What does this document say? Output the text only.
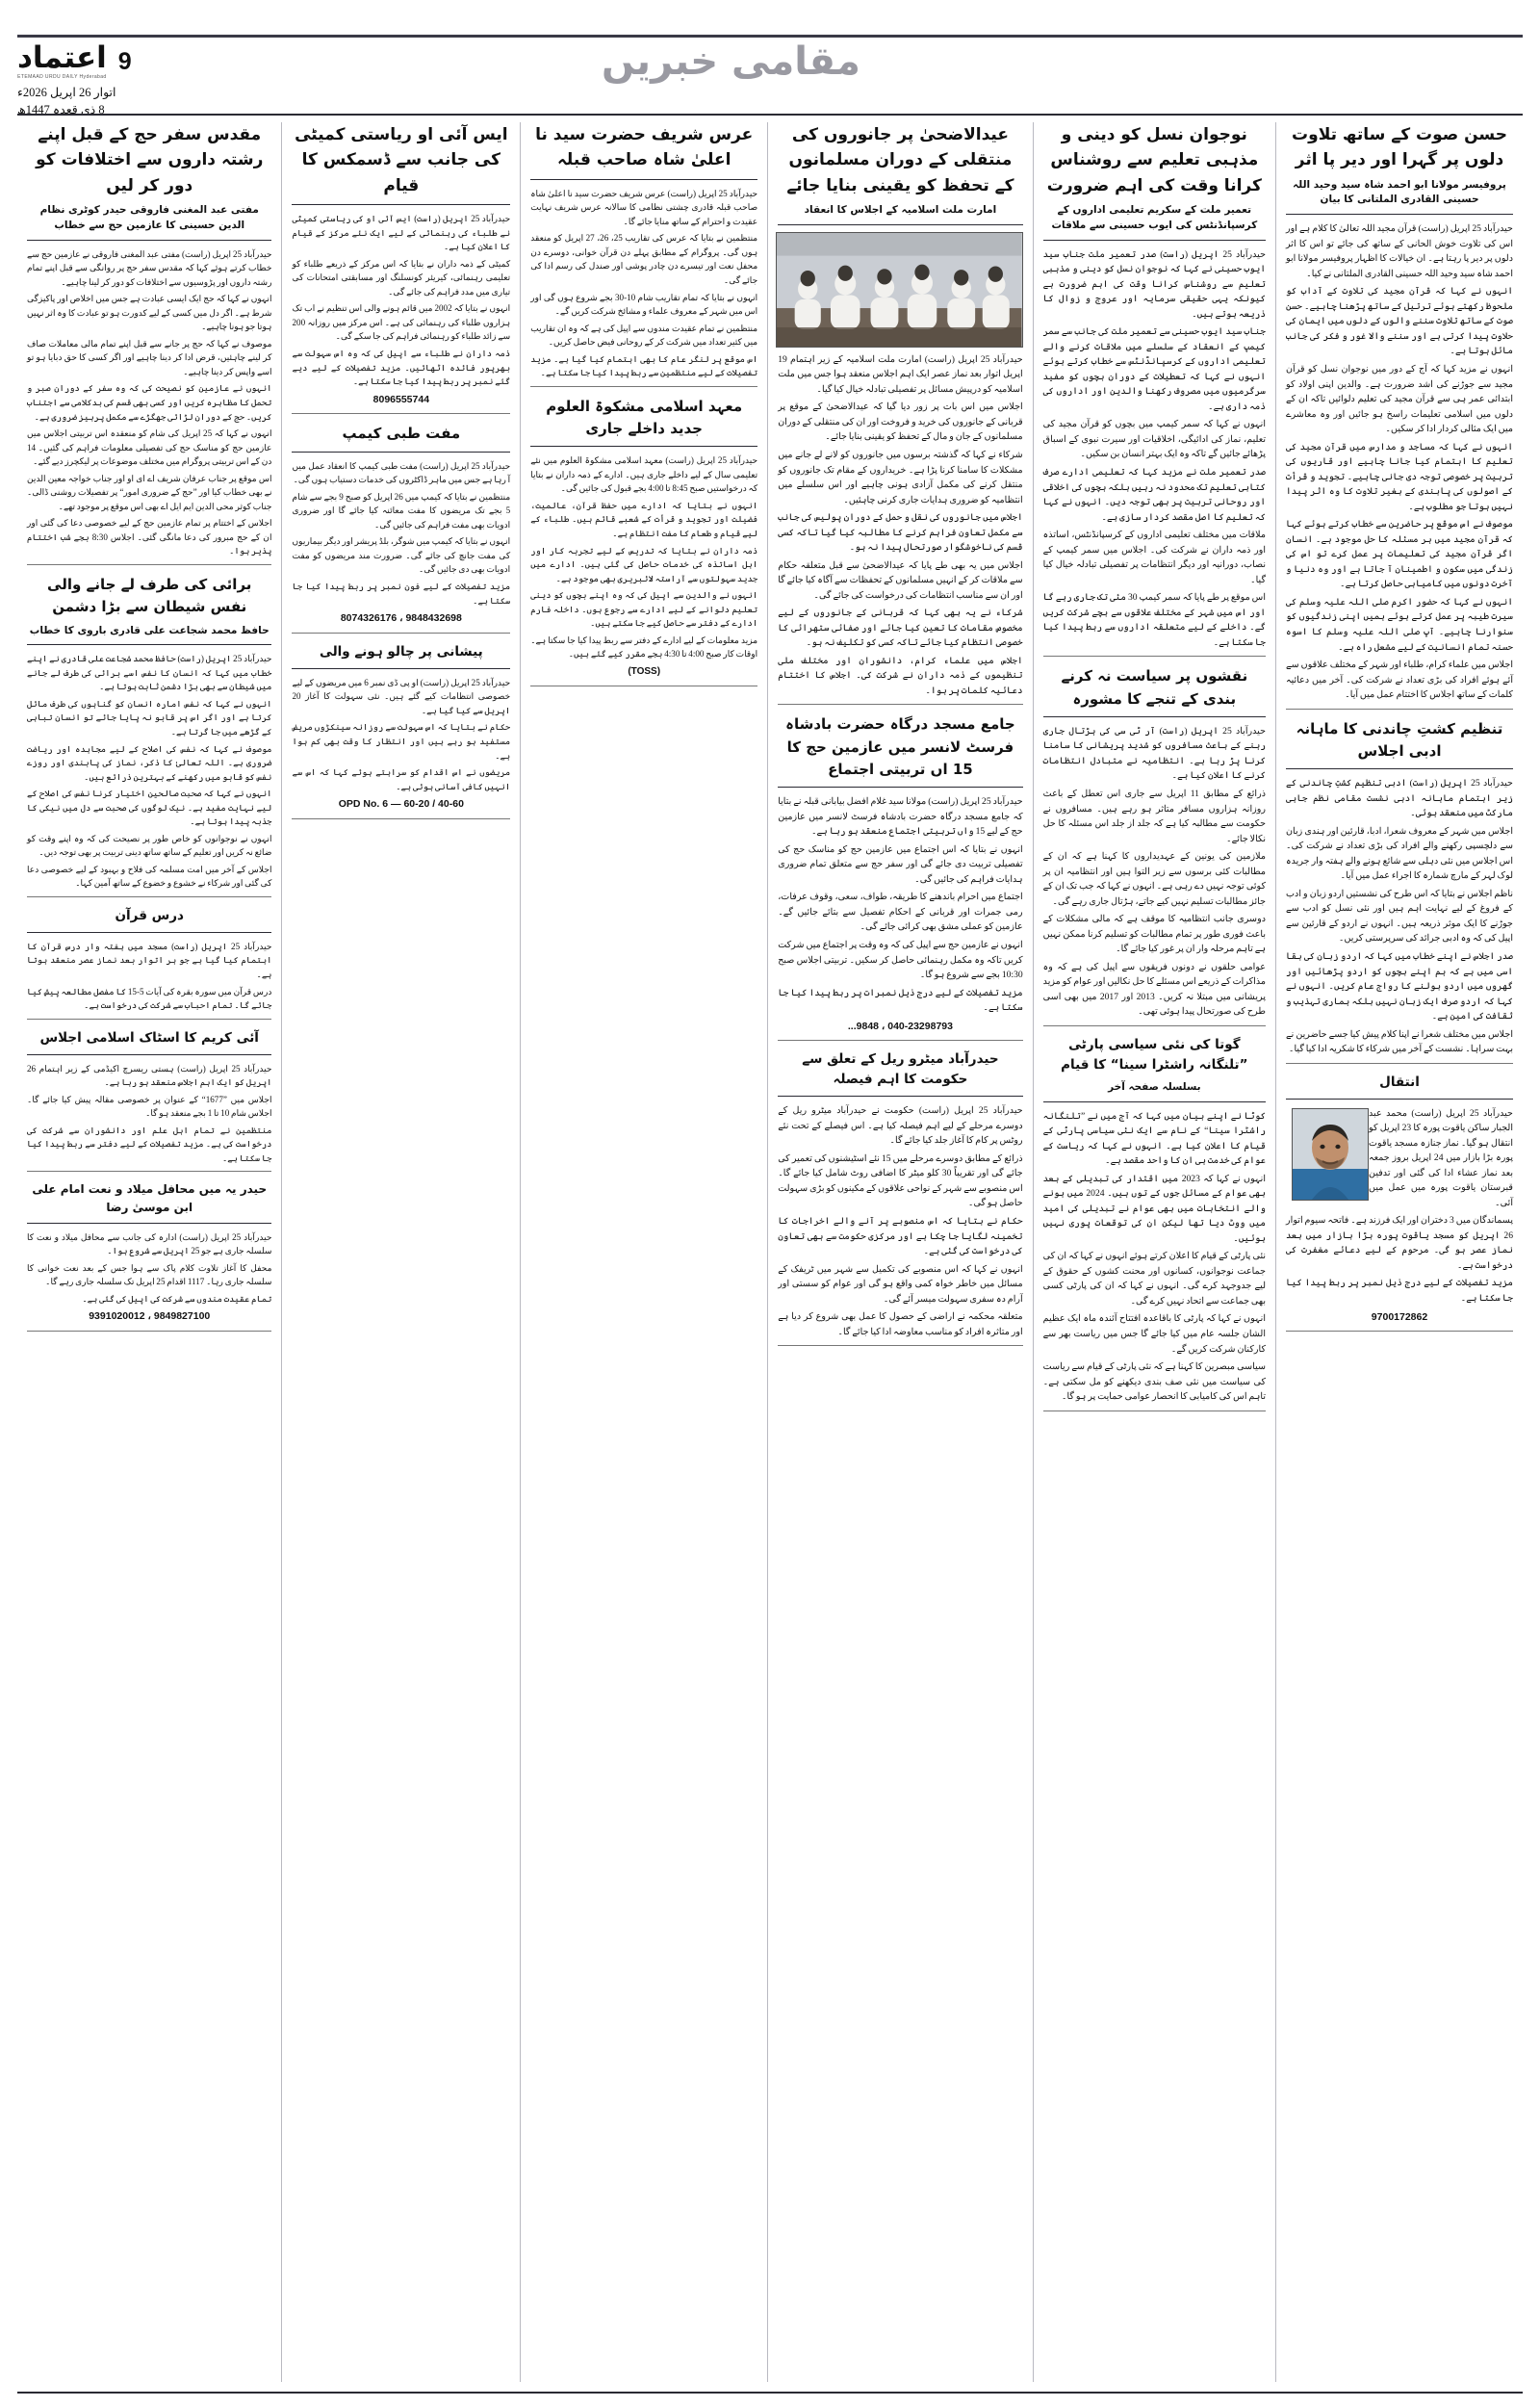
9
اعتماد
ETEMAAD URDU DAILY Hyderabad
اتوار 26 اپریل 2026ء
8 ذی قعدہ 1447ھ
مقامی خبریں
حسن صوت کے ساتھ تلاوت دلوں پر گہرا اور دیر پا اثر
پروفیسر مولانا ابو احمد شاہ سید وحید اللہ حسینی القادری الملتانی کا بیان

حیدرآباد 25 اپریل (راست) قرآن مجید اللہ تعالیٰ کا کلام ہے اور اس کی تلاوت خوش الحانی کے ساتھ کی جائے تو اس کا اثر دلوں پر دیر پا رہتا ہے۔ ان خیالات کا اظہار پروفیسر مولانا ابو احمد شاہ سید وحید اللہ حسینی القادری الملتانی نے کیا۔

انہوں نے کہا کہ قرآن مجید کی تلاوت کے آداب کو ملحوظ رکھتے ہوئے ترتیل کے ساتھ پڑھنا چاہیے۔ حسن صوت کے ساتھ تلاوت سننے والوں کے دلوں میں ایمان کی حلاوت پیدا کرتی ہے اور سننے والا غور و فکر کی جانب مائل ہوتا ہے۔

انہوں نے مزید کہا کہ آج کے دور میں نوجوان نسل کو قرآن مجید سے جوڑنے کی اشد ضرورت ہے۔ والدین اپنی اولاد کو ابتدائی عمر ہی سے قرآن مجید کی تعلیم دلوائیں تاکہ ان کے دلوں میں اسلامی تعلیمات راسخ ہو جائیں اور وہ معاشرے میں ایک مثالی کردار ادا کر سکیں۔

انہوں نے کہا کہ مساجد و مدارس میں قرآن مجید کی تعلیم کا اہتمام کیا جانا چاہیے اور قاریوں کی تربیت پر خصوصی توجہ دی جانی چاہیے۔ تجوید و قرأت کے اصولوں کی پابندی کے بغیر تلاوت کا وہ اثر پیدا نہیں ہوتا جو مطلوب ہے۔

موصوف نے اس موقع پر حاضرین سے خطاب کرتے ہوئے کہا کہ قرآن مجید میں ہر مسئلہ کا حل موجود ہے۔ انسان اگر قرآن مجید کی تعلیمات پر عمل کرے تو اس کی زندگی میں سکون و اطمینان آ جاتا ہے اور وہ دنیا و آخرت دونوں میں کامیابی حاصل کرتا ہے۔

انہوں نے کہا کہ حضور اکرم صلی اللہ علیہ وسلم کی سیرت طیبہ پر عمل کرتے ہوئے ہمیں اپنی زندگیوں کو سنوارنا چاہیے۔ آپ صلی اللہ علیہ وسلم کا اسوہ حسنہ تمام انسانیت کے لیے مشعل راہ ہے۔

اجلاس میں علماء کرام، طلباء اور شہر کے مختلف علاقوں سے آئے ہوئے افراد کی بڑی تعداد نے شرکت کی۔ آخر میں دعائیہ کلمات کے ساتھ اجلاس کا اختتام عمل میں آیا۔

تنظیم کشتِ چاندنی کا ماہانہ ادبی اجلاس

حیدرآباد 25 اپریل (راست) ادبی تنظیم کشتِ چاندنی کے زیر اہتمام ماہانہ ادبی نشست مقامی نظم جاہی مارکٹ میں منعقد ہوئی۔

اجلاس میں شہر کے معروف شعرا، ادبا، قارئین اور ہندی زبان سے دلچسپی رکھنے والے افراد کی بڑی تعداد نے شرکت کی۔ اس اجلاس میں نئی دہلی سے شائع ہونے والے ہفتہ وار جریدہ لوک لہر کے مارچ شمارہ کا اجراء عمل میں آیا۔

ناظم اجلاس نے بتایا کہ اس طرح کی نشستیں اردو زبان و ادب کے فروغ کے لیے نہایت اہم ہیں اور نئی نسل کو ادب سے جوڑنے کا ایک موثر ذریعہ ہیں۔ انہوں نے اردو کے قارئین سے اپیل کی کہ وہ ادبی جرائد کی سرپرستی کریں۔

صدر اجلاس نے اپنے خطاب میں کہا کہ اردو زبان کی بقا اسی میں ہے کہ ہم اپنے بچوں کو اردو پڑھائیں اور گھروں میں اردو بولنے کا رواج عام کریں۔ انہوں نے کہا کہ اردو صرف ایک زبان نہیں بلکہ ہماری تہذیب و ثقافت کی امین ہے۔

اجلاس میں مختلف شعرا نے اپنا کلام پیش کیا جسے حاضرین نے بہت سراہا۔ نشست کے آخر میں شرکاء کا شکریہ ادا کیا گیا۔

انتقال

حیدرآباد 25 اپریل (راست) محمد عبد الجبار ساکن یاقوت پورہ کا 23 اپریل کو انتقال ہو گیا۔ نماز جنازہ مسجد یاقوت پورہ بڑا بازار میں 24 اپریل بروز جمعہ بعد نماز عشاء ادا کی گئی اور تدفین قبرستان یاقوت پورہ میں عمل میں آئی۔

پسماندگان میں 3 دختران اور ایک فرزند ہے۔ فاتحہ سیوم اتوار 26 اپریل کو مسجد یاقوت پورہ بڑا بازار میں بعد نماز عصر ہو گی۔ مرحوم کے لیے دعائے مغفرت کی درخواست ہے۔

مزید تفصیلات کے لیے درج ذیل نمبر پر ربط پیدا کیا جا سکتا ہے۔

9700172862
نوجوان نسل کو دینی و مذہبی تعلیم سے روشناس کرانا وقت کی اہم ضرورت
تعمیر ملت کے سکریم تعلیمی اداروں کے کرسپانڈنٹس کی ایوب حسینی سے ملاقات

حیدرآباد 25 اپریل (راست) صدر تعمیر ملت جناب سید ایوب حسینی نے کہا کہ نوجوان نسل کو دینی و مذہبی تعلیم سے روشناس کرانا وقت کی اہم ضرورت ہے کیونکہ یہی حقیقی سرمایہ اور عروج و زوال کا ذریعہ ہوتے ہیں۔

جناب سید ایوب حسینی سے تعمیر ملت کی جانب سے سمر کیمپ کے انعقاد کے سلسلے میں ملاقات کرنے والے تعلیمی اداروں کے کرسپانڈنٹس سے خطاب کرتے ہوئے انہوں نے کہا کہ تعطیلات کے دوران بچوں کو مفید سرگرمیوں میں مصروف رکھنا والدین اور اداروں کی ذمہ داری ہے۔

انہوں نے کہا کہ سمر کیمپ میں بچوں کو قرآن مجید کی تعلیم، نماز کی ادائیگی، اخلاقیات اور سیرت نبوی کے اسباق پڑھائے جائیں گے تاکہ وہ ایک بہتر انسان بن سکیں۔

صدر تعمیر ملت نے مزید کہا کہ تعلیمی ادارے صرف کتابی تعلیم تک محدود نہ رہیں بلکہ بچوں کی اخلاقی اور روحانی تربیت پر بھی توجہ دیں۔ انہوں نے کہا کہ تعلیم کا اصل مقصد کردار سازی ہے۔

ملاقات میں مختلف تعلیمی اداروں کے کرسپانڈنٹس، اساتذہ اور ذمہ داران نے شرکت کی۔ اجلاس میں سمر کیمپ کے نصاب، دورانیہ اور دیگر انتظامات پر تفصیلی تبادلہ خیال کیا گیا۔

اس موقع پر طے پایا کہ سمر کیمپ 30 مئی تک جاری رہے گا اور اس میں شہر کے مختلف علاقوں سے بچے شرکت کریں گے۔ داخلے کے لیے متعلقہ اداروں سے ربط پیدا کیا جا سکتا ہے۔

نقشوں پر سیاست نہ کرنے بندی کے تنجے کا مشورہ

حیدرآباد 25 اپریل (راست) آر ٹی سی کی ہڑتال جاری رہنے کے باعث مسافروں کو شدید پریشانی کا سامنا کرنا پڑ رہا ہے۔ انتظامیہ نے متبادل انتظامات کرنے کا اعلان کیا ہے۔

ذرائع کے مطابق 11 اپریل سے جاری اس تعطل کے باعث روزانہ ہزاروں مسافر متاثر ہو رہے ہیں۔ مسافروں نے حکومت سے مطالبہ کیا ہے کہ جلد از جلد اس مسئلہ کا حل نکالا جائے۔

ملازمین کی یونین کے عہدیداروں کا کہنا ہے کہ ان کے مطالبات کئی برسوں سے زیر التوا ہیں اور انتظامیہ ان پر کوئی توجہ نہیں دے رہی ہے۔ انہوں نے کہا کہ جب تک ان کے جائز مطالبات تسلیم نہیں کیے جاتے، ہڑتال جاری رہے گی۔

دوسری جانب انتظامیہ کا موقف ہے کہ مالی مشکلات کے باعث فوری طور پر تمام مطالبات کو تسلیم کرنا ممکن نہیں ہے تاہم مرحلہ وار ان پر غور کیا جائے گا۔

عوامی حلقوں نے دونوں فریقوں سے اپیل کی ہے کہ وہ مذاکرات کے ذریعے اس مسئلے کا حل نکالیں اور عوام کو مزید پریشانی میں مبتلا نہ کریں۔ 2013 اور 2017 میں بھی اسی طرح کی صورتحال پیدا ہوئی تھی۔

گوتا کی نئی سیاسی پارٹی ”تلنگانہ راشٹرا سینا“ کا قیام
بسلسلہ صفحہ آخر

کوٹا نے اپنے بیان میں کہا کہ آج میں نے ”تلنگانہ راشٹرا سینا“ کے نام سے ایک نئی سیاسی پارٹی کے قیام کا اعلان کیا ہے۔ انہوں نے کہا کہ ریاست کے عوام کی خدمت ہی ان کا واحد مقصد ہے۔

انہوں نے کہا کہ 2023 میں اقتدار کی تبدیلی کے بعد بھی عوام کے مسائل جوں کے توں ہیں۔ 2024 میں ہونے والے انتخابات میں بھی عوام نے تبدیلی کی امید میں ووٹ دیا تھا لیکن ان کی توقعات پوری نہیں ہوئیں۔

نئی پارٹی کے قیام کا اعلان کرتے ہوئے انہوں نے کہا کہ ان کی جماعت نوجوانوں، کسانوں اور محنت کشوں کے حقوق کے لیے جدوجہد کرے گی۔ انہوں نے کہا کہ ان کی پارٹی کسی بھی جماعت سے اتحاد نہیں کرے گی۔

انہوں نے کہا کہ پارٹی کا باقاعدہ افتتاح آئندہ ماہ ایک عظیم الشان جلسہ عام میں کیا جائے گا جس میں ریاست بھر سے کارکنان شرکت کریں گے۔

سیاسی مبصرین کا کہنا ہے کہ نئی پارٹی کے قیام سے ریاست کی سیاست میں نئی صف بندی دیکھنے کو مل سکتی ہے۔ تاہم اس کی کامیابی کا انحصار عوامی حمایت پر ہو گا۔

عیدالاضحیٰ پر جانوروں کی منتقلی کے دوران مسلمانوں کے تحفظ کو یقینی بنایا جائے
امارت ملت اسلامیہ کے اجلاس کا انعقاد

حیدرآباد 25 اپریل (راست) امارت ملت اسلامیہ کے زیر اہتمام 19 اپریل اتوار بعد نماز عصر ایک اہم اجلاس منعقد ہوا جس میں ملت اسلامیہ کو درپیش مسائل پر تفصیلی تبادلہ خیال کیا گیا۔

اجلاس میں اس بات پر زور دیا گیا کہ عیدالاضحیٰ کے موقع پر قربانی کے جانوروں کی خرید و فروخت اور ان کی منتقلی کے دوران مسلمانوں کے جان و مال کے تحفظ کو یقینی بنایا جائے۔

شرکاء نے کہا کہ گذشتہ برسوں میں جانوروں کو لانے لے جانے میں مشکلات کا سامنا کرنا پڑا ہے۔ خریداروں کے مقام تک جانوروں کو منتقل کرنے کی مکمل آزادی ہونی چاہیے اور اس سلسلے میں انتظامیہ کو ضروری ہدایات جاری کرنی چاہئیں۔

اجلاس میں جانوروں کی نقل و حمل کے دوران پولیس کی جانب سے مکمل تعاون فراہم کرنے کا مطالبہ کیا گیا تاکہ کسی قسم کی ناخوشگوار صورتحال پیدا نہ ہو۔

اجلاس میں یہ بھی طے پایا کہ عیدالاضحیٰ سے قبل متعلقہ حکام سے ملاقات کر کے انہیں مسلمانوں کے تحفظات سے آگاہ کیا جائے گا اور ان سے مناسب انتظامات کی درخواست کی جائے گی۔

شرکاء نے یہ بھی کہا کہ قربانی کے جانوروں کے لیے مخصوص مقامات کا تعین کیا جائے اور صفائی ستھرائی کا خصوصی انتظام کیا جائے تاکہ کسی کو تکلیف نہ ہو۔

اجلاس میں علماء کرام، دانشوران اور مختلف ملی تنظیموں کے ذمہ داران نے شرکت کی۔ اجلاس کا اختتام دعائیہ کلمات پر ہوا۔

جامع مسجد درگاہ حضرت بادشاہ فرسٹ لانسر میں عازمین حج کا 15 اں تربیتی اجتماع

حیدرآباد 25 اپریل (راست) مولانا سید غلام افضل بیابانی قبلہ نے بتایا کہ جامع مسجد درگاہ حضرت بادشاہ فرسٹ لانسر میں عازمین حج کے لیے 15 واں تربیتی اجتماع منعقد ہو رہا ہے۔

انہوں نے بتایا کہ اس اجتماع میں عازمین حج کو مناسک حج کی تفصیلی تربیت دی جائے گی اور سفر حج سے متعلق تمام ضروری ہدایات فراہم کی جائیں گی۔

اجتماع میں احرام باندھنے کا طریقہ، طواف، سعی، وقوف عرفات، رمی جمرات اور قربانی کے احکام تفصیل سے بتائے جائیں گے۔ عازمین کو عملی مشق بھی کرائی جائے گی۔

انہوں نے عازمین حج سے اپیل کی کہ وہ وقت پر اجتماع میں شرکت کریں تاکہ وہ مکمل رہنمائی حاصل کر سکیں۔ تربیتی اجلاس صبح 10:30 بجے سے شروع ہو گا۔

مزید تفصیلات کے لیے درج ذیل نمبرات پر ربط پیدا کیا جا سکتا ہے۔

040-23298793 ، 9848...
حیدرآباد میٹرو ریل کے تعلق سے حکومت کا اہم فیصلہ

حیدرآباد 25 اپریل (راست) حکومت نے حیدرآباد میٹرو ریل کے دوسرے مرحلے کے لیے اہم فیصلہ کیا ہے۔ اس فیصلے کے تحت نئے روٹس پر کام کا آغاز جلد کیا جائے گا۔

ذرائع کے مطابق دوسرے مرحلے میں 15 نئے اسٹیشنوں کی تعمیر کی جائے گی اور تقریباً 30 کلو میٹر کا اضافی روٹ شامل کیا جائے گا۔ اس منصوبے سے شہر کے نواحی علاقوں کے مکینوں کو بڑی سہولت حاصل ہو گی۔

حکام نے بتایا کہ اس منصوبے پر آنے والے اخراجات کا تخمینہ لگایا جا چکا ہے اور مرکزی حکومت سے بھی تعاون کی درخواست کی گئی ہے۔

انہوں نے کہا کہ اس منصوبے کی تکمیل سے شہر میں ٹریفک کے مسائل میں خاطر خواہ کمی واقع ہو گی اور عوام کو سستی اور آرام دہ سفری سہولت میسر آئے گی۔

متعلقہ محکمہ نے اراضی کے حصول کا عمل بھی شروع کر دیا ہے اور متاثرہ افراد کو مناسب معاوضہ ادا کیا جائے گا۔

عرس شریف حضرت سید نا اعلیٰ شاہ صاحب قبلہ

حیدرآباد 25 اپریل (راست) عرس شریف حضرت سید نا اعلیٰ شاہ صاحب قبلہ قادری چشتی نظامی کا سالانہ عرس شریف نہایت عقیدت و احترام کے ساتھ منایا جائے گا۔

منتظمین نے بتایا کہ عرس کی تقاریب 25، 26، 27 اپریل کو منعقد ہوں گی۔ پروگرام کے مطابق پہلے دن قرآن خوانی، دوسرے دن محفل نعت اور تیسرے دن چادر پوشی اور صندل کی رسم ادا کی جائے گی۔

انہوں نے بتایا کہ تمام تقاریب شام 10-30 بجے شروع ہوں گی اور اس میں شہر کے معروف علماء و مشائخ شرکت کریں گے۔

منتظمین نے تمام عقیدت مندوں سے اپیل کی ہے کہ وہ ان تقاریب میں کثیر تعداد میں شرکت کر کے روحانی فیض حاصل کریں۔

اس موقع پر لنگر عام کا بھی اہتمام کیا گیا ہے۔ مزید تفصیلات کے لیے منتظمین سے ربط پیدا کیا جا سکتا ہے۔

معہد اسلامی مشکوۃ العلوم جدید داخلے جاری

حیدرآباد 25 اپریل (راست) معہد اسلامی مشکوۃ العلوم میں نئے تعلیمی سال کے لیے داخلے جاری ہیں۔ ادارے کے ذمہ داران نے بتایا کہ درخواستیں صبح 8:45 تا 4:00 بجے قبول کی جائیں گی۔

انہوں نے بتایا کہ ادارے میں حفظ قرآن، عالمیت، فضیلت اور تجوید و قرأت کے شعبے قائم ہیں۔ طلباء کے لیے قیام و طعام کا مفت انتظام ہے۔

ذمہ داران نے بتایا کہ تدریس کے لیے تجربہ کار اور اہل اساتذہ کی خدمات حاصل کی گئی ہیں۔ ادارے میں جدید سہولتوں سے آراستہ لائبریری بھی موجود ہے۔

انہوں نے والدین سے اپیل کی کہ وہ اپنے بچوں کو دینی تعلیم دلوانے کے لیے ادارے سے رجوع ہوں۔ داخلہ فارم ادارے کے دفتر سے حاصل کیے جا سکتے ہیں۔

مزید معلومات کے لیے ادارے کے دفتر سے ربط پیدا کیا جا سکتا ہے۔ اوقات کار صبح 4:00 تا 4:30 بجے مقرر کیے گئے ہیں۔

(TOSS)
ایس آئی او ریاستی کمیٹی کی جانب سے ڈسمکس کا قیام

حیدرآباد 25 اپریل (راست) ایس آئی او کی ریاستی کمیٹی نے طلباء کی رہنمائی کے لیے ایک نئے مرکز کے قیام کا اعلان کیا ہے۔

کمیٹی کے ذمہ داران نے بتایا کہ اس مرکز کے ذریعے طلباء کو تعلیمی رہنمائی، کیریئر کونسلنگ اور مسابقتی امتحانات کی تیاری میں مدد فراہم کی جائے گی۔

انہوں نے بتایا کہ 2002 میں قائم ہونے والی اس تنظیم نے اب تک ہزاروں طلباء کی رہنمائی کی ہے۔ اس مرکز میں روزانہ 200 سے زائد طلباء کو رہنمائی فراہم کی جا سکے گی۔

ذمہ داران نے طلباء سے اپیل کی کہ وہ اس سہولت سے بھرپور فائدہ اٹھائیں۔ مزید تفصیلات کے لیے دیے گئے نمبر پر ربط پیدا کیا جا سکتا ہے۔

8096555744
مفت طبی کیمپ

حیدرآباد 25 اپریل (راست) مفت طبی کیمپ کا انعقاد عمل میں آ رہا ہے جس میں ماہر ڈاکٹروں کی خدمات دستیاب ہوں گی۔

منتظمین نے بتایا کہ کیمپ میں 26 اپریل کو صبح 9 بجے سے شام 5 بجے تک مریضوں کا مفت معائنہ کیا جائے گا اور ضروری ادویات بھی مفت فراہم کی جائیں گی۔

انہوں نے بتایا کہ کیمپ میں شوگر، بلڈ پریشر اور دیگر بیماریوں کی مفت جانچ کی جائے گی۔ ضرورت مند مریضوں کو مفت ادویات بھی دی جائیں گی۔

مزید تفصیلات کے لیے فون نمبر پر ربط پیدا کیا جا سکتا ہے۔

9848432698 ، 8074326176
پیشانی پر چالو ہونے والی

حیدرآباد 25 اپریل (راست) او پی ڈی نمبر 6 میں مریضوں کے لیے خصوصی انتظامات کیے گئے ہیں۔ نئی سہولت کا آغاز 20 اپریل سے کیا گیا ہے۔

حکام نے بتایا کہ اس سہولت سے روزانہ سینکڑوں مریض مستفید ہو رہے ہیں اور انتظار کا وقت بھی کم ہوا ہے۔

مریضوں نے اس اقدام کو سراہتے ہوئے کہا کہ اس سے انہیں کافی آسانی ہوئی ہے۔

OPD No. 6 — 60-20 / 40-60
مقدس سفر حج کے قبل اپنے رشتہ داروں سے اختلافات کو دور کر لیں
مفتی عبد المغنی فاروقی حیدر کوٹری نظام الدین حسینی کا عازمین حج سے خطاب

حیدرآباد 25 اپریل (راست) مفتی عبد المغنی فاروقی نے عازمین حج سے خطاب کرتے ہوئے کہا کہ مقدس سفر حج پر روانگی سے قبل اپنے تمام رشتہ داروں اور پڑوسیوں سے اختلافات کو دور کر لینا چاہیے۔

انہوں نے کہا کہ حج ایک ایسی عبادت ہے جس میں اخلاص اور پاکیزگی شرط ہے۔ اگر دل میں کسی کے لیے کدورت ہو تو عبادت کا وہ اثر نہیں ہوتا جو ہونا چاہیے۔

موصوف نے کہا کہ حج پر جانے سے قبل اپنے تمام مالی معاملات صاف کر لینے چاہئیں، قرض ادا کر دینا چاہیے اور اگر کسی کا حق دبایا ہو تو اسے واپس کر دینا چاہیے۔

انہوں نے عازمین کو نصیحت کی کہ وہ سفر کے دوران صبر و تحمل کا مظاہرہ کریں اور کسی بھی قسم کی بدکلامی سے اجتناب کریں۔ حج کے دوران لڑائی جھگڑے سے مکمل پرہیز ضروری ہے۔

انہوں نے کہا کہ 25 اپریل کی شام کو منعقدہ اس تربیتی اجلاس میں عازمین حج کو مناسک حج کی تفصیلی معلومات فراہم کی گئیں۔ 14 دن کے اس تربیتی پروگرام میں مختلف موضوعات پر لیکچرز دیے گئے۔

اس موقع پر جناب عرفان شریف اے ای او اور جناب خواجہ معین الدین نے بھی خطاب کیا اور ”حج کے ضروری امور“ پر تفصیلات روشنی ڈالی۔ جناب کوثر محی الدین ایم ایل اے بھی اس موقع پر موجود تھے۔

اجلاس کے اختتام پر تمام عازمین حج کے لیے خصوصی دعا کی گئی اور ان کے حج مبرور کی دعا مانگی گئی۔ اجلاس 8:30 بجے شب اختتام پذیر ہوا۔

برائی کی طرف لے جانے والی نفس شیطان سے بڑا دشمن
حافظ محمد شجاعت علی قادری باروی کا خطاب

حیدرآباد 25 اپریل (راست) حافظ محمد شجاعت علی قادری نے اپنے خطاب میں کہا کہ انسان کا نفس اسے برائی کی طرف لے جانے میں شیطان سے بھی بڑا دشمن ثابت ہوتا ہے۔

انہوں نے کہا کہ نفس امارہ انسان کو گناہوں کی طرف مائل کرتا ہے اور اگر اس پر قابو نہ پایا جائے تو انسان تباہی کے گڑھے میں جا گرتا ہے۔

موصوف نے کہا کہ نفس کی اصلاح کے لیے مجاہدہ اور ریاضت ضروری ہے۔ اللہ تعالیٰ کا ذکر، نماز کی پابندی اور روزے نفس کو قابو میں رکھنے کے بہترین ذرائع ہیں۔

انہوں نے کہا کہ صحبت صالحین اختیار کرنا نفس کی اصلاح کے لیے نہایت مفید ہے۔ نیک لوگوں کی صحبت سے دل میں نیکی کا جذبہ پیدا ہوتا ہے۔

انہوں نے نوجوانوں کو خاص طور پر نصیحت کی کہ وہ اپنے وقت کو ضائع نہ کریں اور تعلیم کے ساتھ ساتھ دینی تربیت پر بھی توجہ دیں۔

اجلاس کے آخر میں امت مسلمہ کی فلاح و بہبود کے لیے خصوصی دعا کی گئی اور شرکاء نے خشوع و خضوع کے ساتھ آمین کہا۔

درس قرآن

حیدرآباد 25 اپریل (راست) مسجد میں ہفتہ وار درس قرآن کا اہتمام کیا گیا ہے جو ہر اتوار بعد نماز عصر منعقد ہوتا ہے۔

درس قرآن میں سورہ بقرہ کی آیات 5-15 کا مفصل مطالعہ پیش کیا جائے گا۔ تمام احباب سے شرکت کی درخواست ہے۔

آئی کریم کا اسٹاک اسلامی اجلاس

حیدرآباد 25 اپریل (راست) ہستی ریسرچ اکیڈمی کے زیر اہتمام 26 اپریل کو ایک اہم اجلاس منعقد ہو رہا ہے۔

اجلاس میں ”1677“ کے عنوان پر خصوصی مقالہ پیش کیا جائے گا۔ اجلاس شام 10 تا 1 بجے منعقد ہو گا۔

منتظمین نے تمام اہل علم اور دانشوران سے شرکت کی درخواست کی ہے۔ مزید تفصیلات کے لیے دفتر سے ربط پیدا کیا جا سکتا ہے۔

حیدر یہ میں محافل میلاد و نعت امام علی ابن موسیٰ رضا

حیدرآباد 25 اپریل (راست) ادارہ کی جانب سے محافل میلاد و نعت کا سلسلہ جاری ہے جو 25 اپریل سے شروع ہوا۔

محفل کا آغاز تلاوت کلام پاک سے ہوا جس کے بعد نعت خوانی کا سلسلہ جاری رہا۔ 1117 اقدام 25 اپریل تک سلسلہ جاری رہے گا۔

تمام عقیدت مندوں سے شرکت کی اپیل کی گئی ہے۔

9849827100 ، 9391020012
